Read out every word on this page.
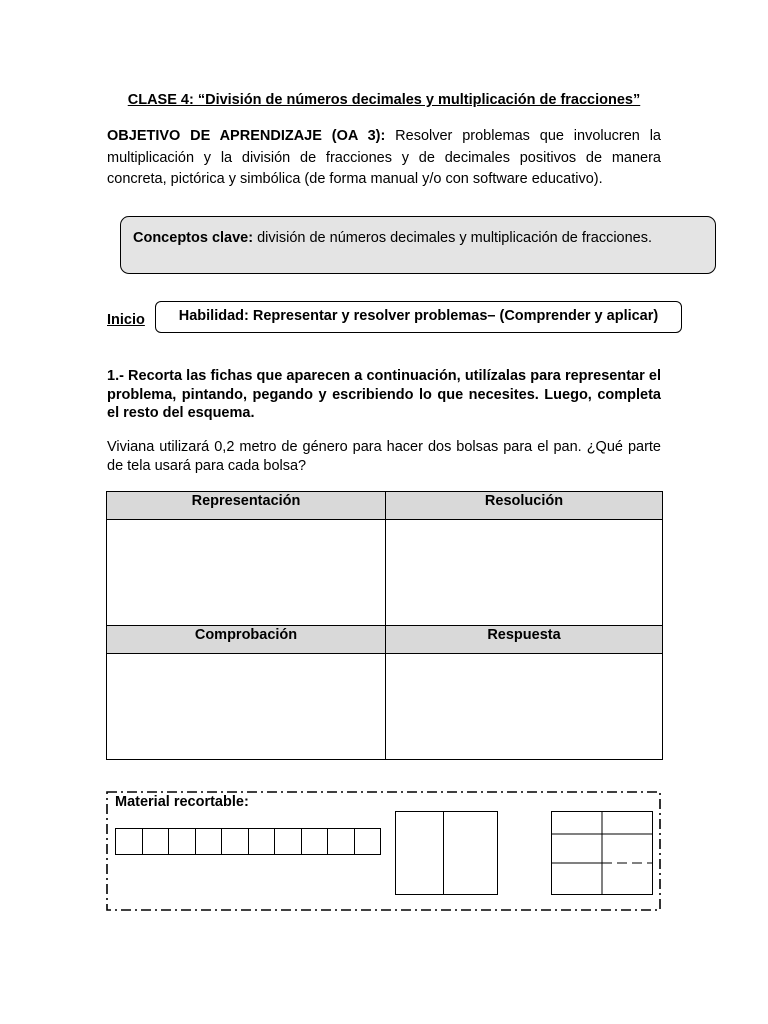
CLASE 4: “División de números decimales y multiplicación de fracciones”
OBJETIVO DE APRENDIZAJE (OA 3): Resolver problemas que involucren la multiplicación y la división de fracciones y de decimales positivos de manera concreta, pictórica y simbólica (de forma manual y/o con software educativo).
Conceptos clave: división de números decimales y multiplicación de fracciones.
Inicio	Habilidad: Representar y resolver problemas– (Comprender y aplicar)
1.- Recorta las fichas que aparecen a continuación, utilízalas para representar el problema, pintando, pegando y escribiendo lo que necesites. Luego, completa el resto del esquema.
Viviana utilizará 0,2 metro de género para hacer dos bolsas para el pan. ¿Qué parte de tela usará para cada bolsa?
Representación	Resolución

Comprobación	Respuesta

Material recortable:
